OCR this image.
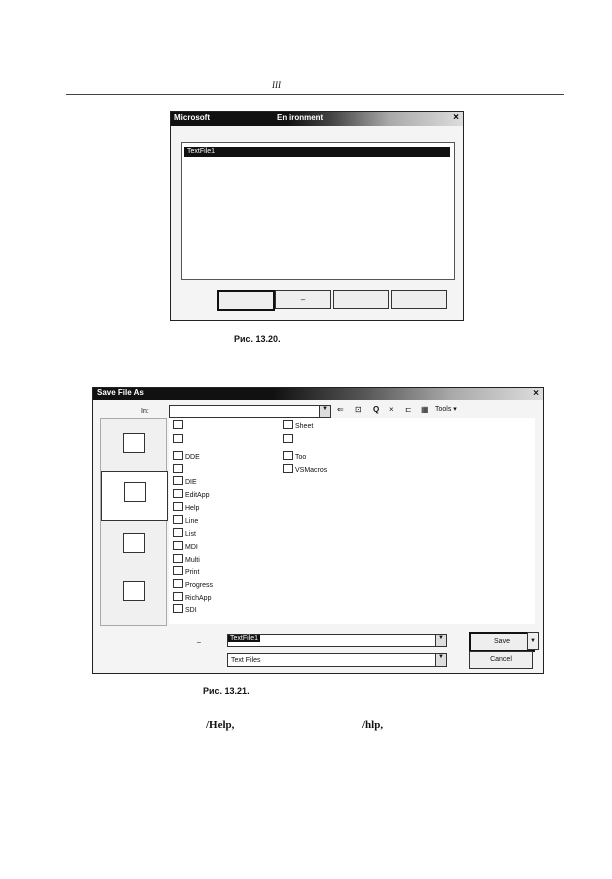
III
Microsoft	En ironment	×
TextFile1
–
Рис. 13.20.
Save File As	×
In:	▼ ⇐ ⊡ Q × ⊏ ▦ Tools ▾
DDE
DIE
EditApp
Help
Line
List
MDI
Multi
Print
Progress
RichApp
SDI
Sheet
Too
VSMacros
–
TextFile1	▼
Text Files	▼
Save	▼
Cancel
Рис. 13.21.
/Help,	/hlp,
